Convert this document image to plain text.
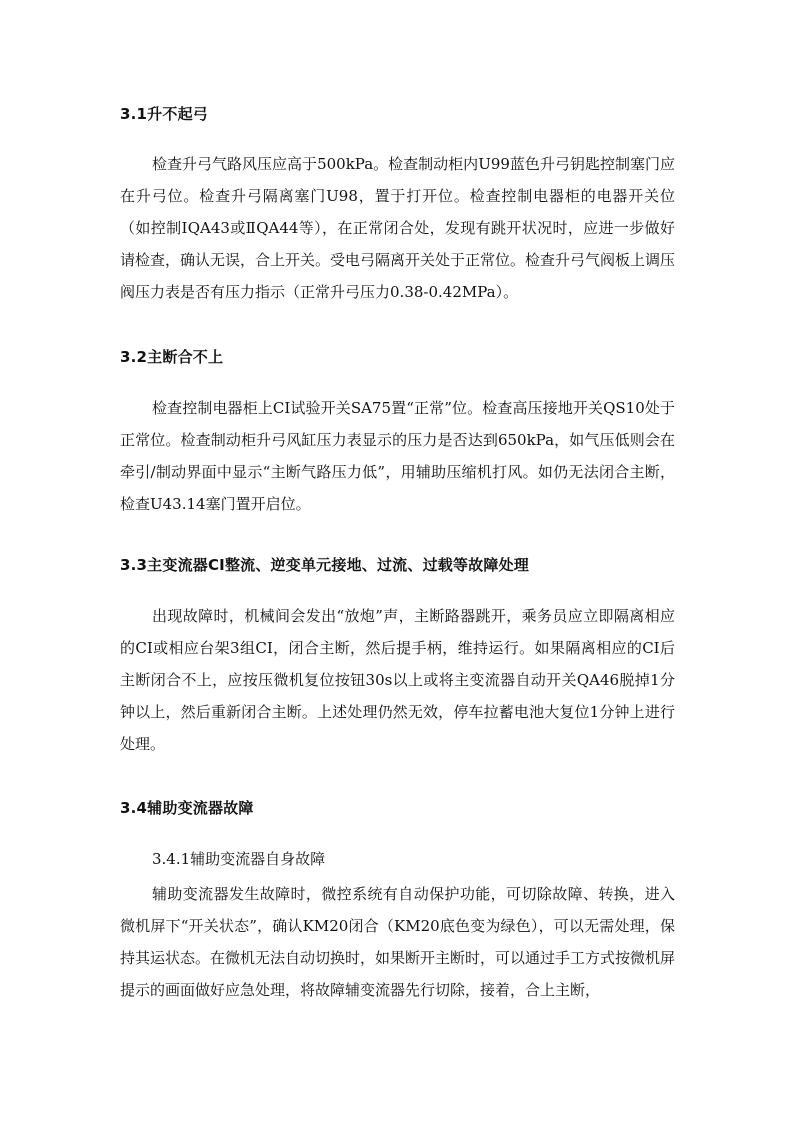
3.1升不起弓
检查升弓气路风压应高于500kPa。检查制动柜内U99蓝色升弓钥匙控制塞门应在升弓位。检查升弓隔离塞门U98，置于打开位。检查控制电器柜的电器开关位（如控制ⅠQA43或ⅡQA44等），在正常闭合处，发现有跳开状况时，应进一步做好请检查，确认无误，合上开关。受电弓隔离开关处于正常位。检查升弓气阀板上调压阀压力表是否有压力指示（正常升弓压力0.38-0.42MPa）。
3.2主断合不上
检查控制电器柜上CI试验开关SA75置“正常”位。检查高压接地开关QS10处于正常位。检查制动柜升弓风缸压力表显示的压力是否达到650kPa，如气压低则会在牵引/制动界面中显示“主断气路压力低”，用辅助压缩机打风。如仍无法闭合主断，检查U43.14塞门置开启位。
3.3主变流器CI整流、逆变单元接地、过流、过载等故障处理
出现故障时，机械间会发出“放炮”声，主断路器跳开，乘务员应立即隔离相应的CI或相应台架3组CI，闭合主断，然后提手柄，维持运行。如果隔离相应的CI后主断闭合不上，应按压微机复位按钮30s以上或将主变流器自动开关QA46脱掉1分钟以上，然后重新闭合主断。上述处理仍然无效，停车拉蓄电池大复位1分钟上进行处理。
3.4辅助变流器故障
3.4.1辅助变流器自身故障
辅助变流器发生故障时，微控系统有自动保护功能，可切除故障、转换，进入微机屏下“开关状态”，确认KM20闭合（KM20底色变为绿色），可以无需处理，保持其运状态。在微机无法自动切换时，如果断开主断时，可以通过手工方式按微机屏提示的画面做好应急处理，将故障辅变流器先行切除，接着，合上主断，
